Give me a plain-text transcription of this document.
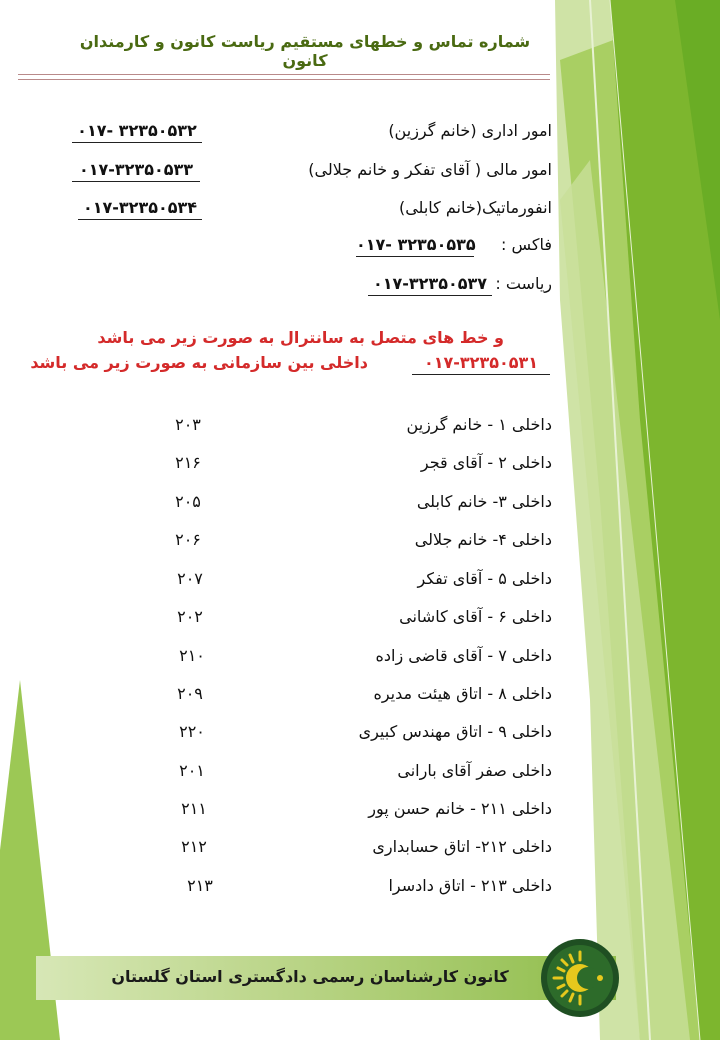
شماره تماس و خطهای مستقیم ریاست کانون و کارمندان کانون
امور اداری (خانم گرزین)
۰۱۷- ۳۲۳۵۰۵۳۲
امور مالی ( آقای تفکر و خانم جلالی)
۰۱۷-۳۲۳۵۰۵۳۳
انفورماتیک(خانم کابلی)
۰۱۷-۳۲۳۵۰۵۳۴
فاکس :
۰۱۷- ۳۲۳۵۰۵۳۵
ریاست :
۰۱۷-۳۲۳۵۰۵۳۷
و خط های متصل به سانترال به صورت زیر می باشد
۰۱۷-۳۲۳۵۰۵۳۱
داخلی بین سازمانی به صورت زیر می باشد
داخلی ۱ - خانم گرزین
۲۰۳
داخلی ۲ - آقای قجر
۲۱۶
داخلی ۳- خانم کابلی
۲۰۵
داخلی ۴- خانم جلالی
۲۰۶
داخلی ۵ - آقای تفکر
۲۰۷
داخلی ۶ - آقای کاشانی
۲۰۲
داخلی ۷ - آقای قاضی زاده
۲۱۰
داخلی ۸ - اتاق هیئت مدیره
۲۰۹
داخلی ۹ - اتاق مهندس کبیری
۲۲۰
داخلی صفر آقای بارانی
۲۰۱
داخلی ۲۱۱ - خانم حسن پور
۲۱۱
داخلی ۲۱۲- اتاق حسابداری
۲۱۲
داخلی ۲۱۳ - اتاق دادسرا
۲۱۳
کانون کارشناسان رسمی دادگستری استان گلستان
